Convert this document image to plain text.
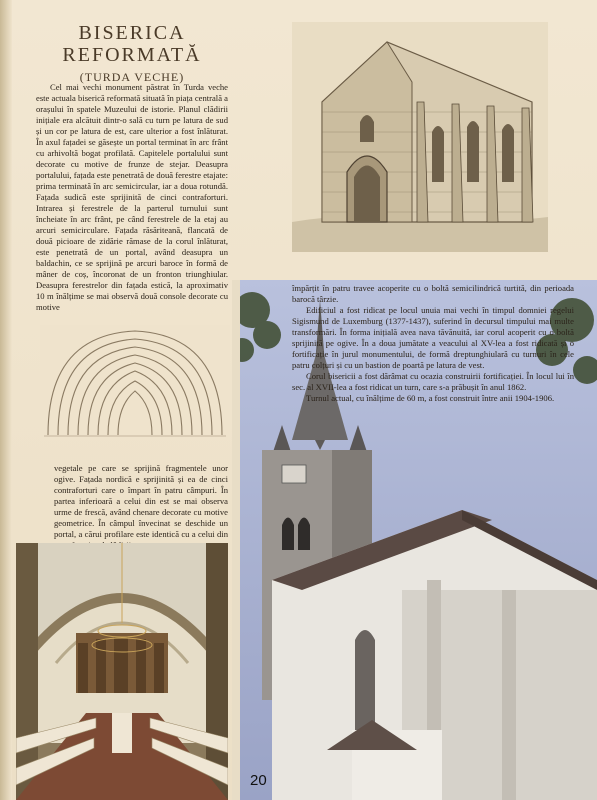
BISERICA REFORMATĂ
(TURDA VECHE)

Cel mai vechi monument păstrat în Turda veche este actuala biserică reformată situată în piața centrală a orașului în spatele Muzeului de istorie. Planul clădirii inițiale era alcătuit dintr-o sală cu turn pe latura de sud și un cor pe latura de est, care ulterior a fost înlăturat. În axul fațadei se găsește un portal terminat în arc frânt cu arhivoltă bogat profilată. Capitelele portalului sunt decorate cu motive de frunze de stejar. Deasupra portalului, fațada este penetrată de două ferestre etajate: prima terminată în arc semicircular, iar a doua rotundă. Fațada sudică este sprijinită de cinci contraforturi. Intrarea și ferestrele de la parterul turnului sunt încheiate în arc frânt, pe când ferestrele de la etaj au arcuri semicirculare. Fațada răsăriteană, flancată de două picioare de zidărie rămase de la corul înlăturat, este penetrată de un portal, având deasupra un baldachin, ce se sprijină pe arcuri baroce în formă de mâner de coș, încoronat de un fronton triunghiular. Deasupra ferestrelor din fațada estică, la aproximativ 10 m înălțime se mai observă două console decorate cu motive

vegetale pe care se sprijină fragmentele unor ogive. Fațada nordică e sprijinită și ea de cinci contraforturi care o împart în patru câmpuri. În partea inferioară a celui din est se mai observa urme de frescă, având chenare decorate cu motive geometrice. În câmpul învecinat se deschide un portal, a cărui profilare este identică cu a celui din

împărțit în patru travee acoperite cu o boltă semicilindrică turtită, din perioada barocă târzie.

Edificiul a fost ridicat pe locul unuia mai vechi în timpul domniei regelui Sigismund de Luxemburg (1377-1437), suferind în decursul timpului mai multe transformări. În forma inițială avea nava tăvănuită, iar corul acoperit cu o boltă sprijinită pe ogive. În a doua jumătate a veacului al XV-lea a fost ridicată și o fortificație în jurul monumentului, de formă dreptunghiulară cu turnuri în cele patru colțuri și cu un bastion de poartă pe latura de vest.

Corul bisericii a fost dărâmat cu ocazia construirii fortificației. În locul lui în sec. al XVII-lea a fost ridicat un turn, care s-a prăbușit în anul 1862.

Turnul actual, cu înălțime de 60 m, a fost construit între anii 1904-1906.

20
